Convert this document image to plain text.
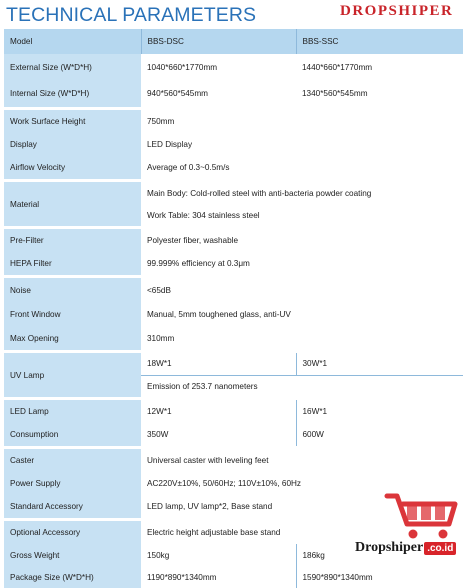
TECHNICAL PARAMETERS	DROPSHIPER
Model	BBS-DSC	BBS-SSC
External Size (W*D*H)	1040*660*1770mm	1440*660*1770mm
Internal Size (W*D*H)	940*560*545mm	1340*560*545mm

Work Surface Height	750mm	
Display	LED Display	
Airflow Velocity	Average of 0.3~0.5m/s	

Material	Main Body: Cold-rolled steel with anti-bacteria powder coating	
	Work Table: 304 stainless steel	

Pre-Filter	Polyester fiber, washable	
HEPA Filter	99.999% efficiency at 0.3μm	

Noise	<65dB	
Front Window	Manual, 5mm toughened glass, anti-UV	
Max Opening	310mm	

UV Lamp	18W*1	30W*1
	Emission of 253.7 nanometers	

LED Lamp	12W*1	16W*1
Consumption	350W	600W

Caster	Universal caster with leveling feet	
Power Supply	AC220V±10%, 50/60Hz; 110V±10%, 60Hz	
Standard Accessory	LED lamp, UV lamp*2, Base stand	

Optional Accessory	Electric height adjustable base stand	
Gross Weight	150kg	186kg
Package Size (W*D*H)	1190*890*1340mm	1590*890*1340mm
Dropshiper .co.id
